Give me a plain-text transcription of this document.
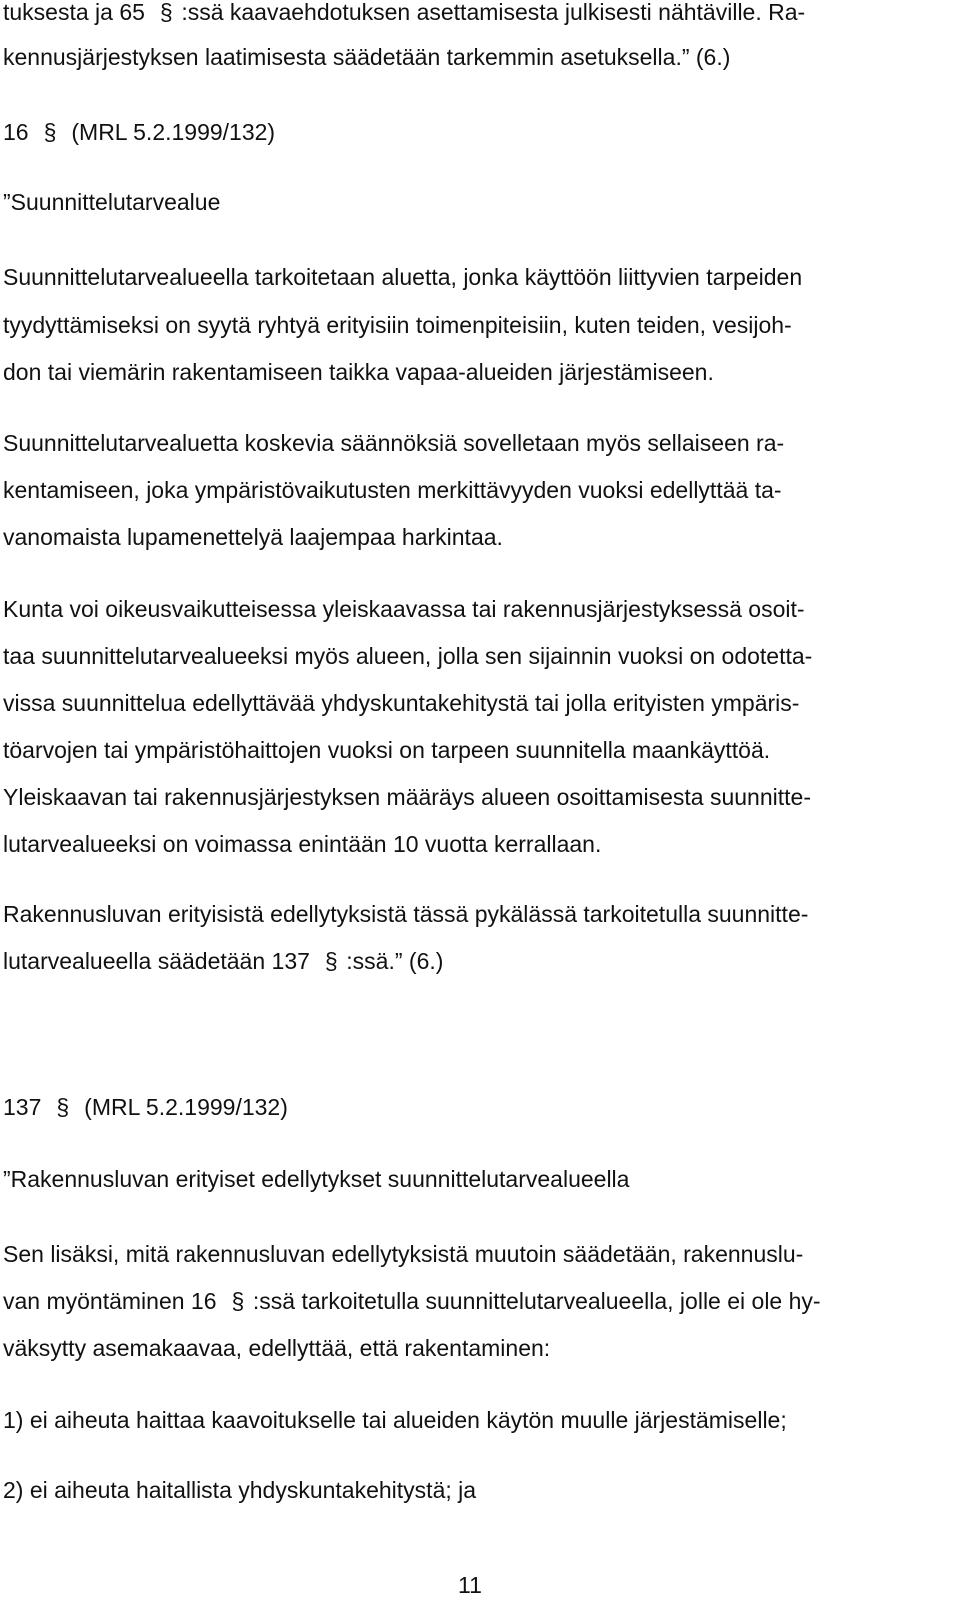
tuksesta ja 65 § :ssä kaavaehdotuksen asettamisesta julkisesti nähtäville. Ra-
kennusjärjestyksen laatimisesta säädetään tarkemmin asetuksella.” (6.)
16 § (MRL 5.2.1999/132)
”Suunnittelutarvealue
Suunnittelutarvealueella tarkoitetaan aluetta, jonka käyttöön liittyvien tarpeiden
tyydyttämiseksi on syytä ryhtyä erityisiin toimenpiteisiin, kuten teiden, vesijoh-
don tai viemärin rakentamiseen taikka vapaa-alueiden järjestämiseen.
Suunnittelutarvealuetta koskevia säännöksiä sovelletaan myös sellaiseen ra-
kentamiseen, joka ympäristövaikutusten merkittävyyden vuoksi edellyttää ta-
vanomaista lupamenettelyä laajempaa harkintaa.
Kunta voi oikeusvaikutteisessa yleiskaavassa tai rakennusjärjestyksessä osoit-
taa suunnittelutarvealueeksi myös alueen, jolla sen sijainnin vuoksi on odotetta-
vissa suunnittelua edellyttävää yhdyskuntakehitystä tai jolla erityisten ympäris-
töarvojen tai ympäristöhaittojen vuoksi on tarpeen suunnitella maankäyttöä.
Yleiskaavan tai rakennusjärjestyksen määräys alueen osoittamisesta suunnitte-
lutarvealueeksi on voimassa enintään 10 vuotta kerrallaan.
Rakennusluvan erityisistä edellytyksistä tässä pykälässä tarkoitetulla suunnitte-
lutarvealueella säädetään 137 § :ssä.” (6.)
137 § (MRL 5.2.1999/132)
”Rakennusluvan erityiset edellytykset suunnittelutarvealueella
Sen lisäksi, mitä rakennusluvan edellytyksistä muutoin säädetään, rakennuslu-
van myöntäminen 16 § :ssä tarkoitetulla suunnittelutarvealueella, jolle ei ole hy-
väksytty asemakaavaa, edellyttää, että rakentaminen:
1) ei aiheuta haittaa kaavoitukselle tai alueiden käytön muulle järjestämiselle;
2) ei aiheuta haitallista yhdyskuntakehitystä; ja
11
